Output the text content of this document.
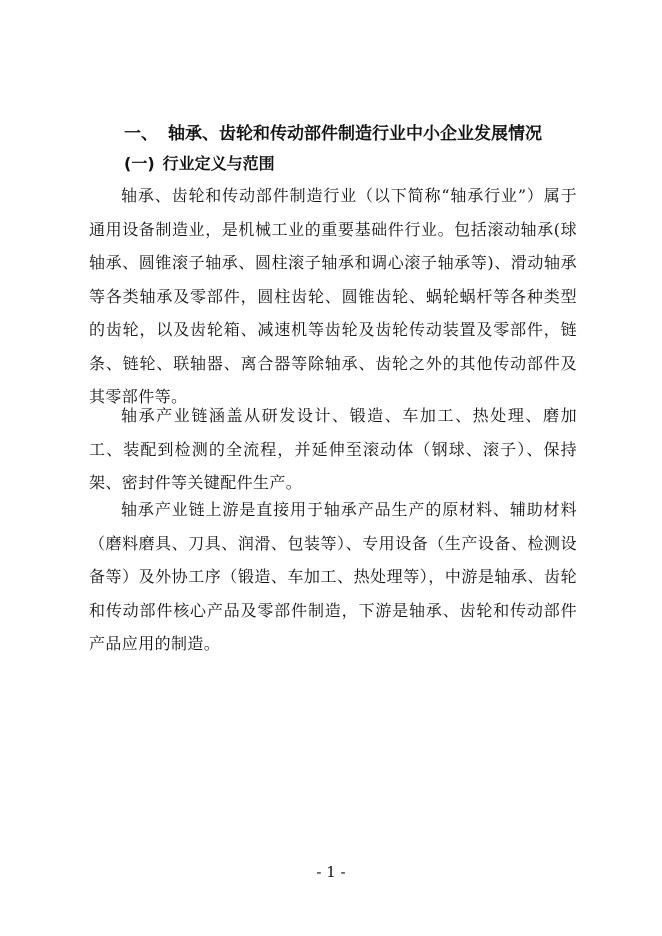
一、 轴承、齿轮和传动部件制造行业中小企业发展情况
(一) 行业定义与范围

轴承、齿轮和传动部件制造行业（以下简称“轴承行业”）属于通用设备制造业，是机械工业的重要基础件行业。包括滚动轴承(球轴承、圆锥滚子轴承、圆柱滚子轴承和调心滚子轴承等)、滑动轴承等各类轴承及零部件，圆柱齿轮、圆锥齿轮、蜗轮蜗杆等各种类型的齿轮，以及齿轮箱、减速机等齿轮及齿轮传动装置及零部件，链条、链轮、联轴器、离合器等除轴承、齿轮之外的其他传动部件及其零部件等。

轴承产业链涵盖从研发设计、锻造、车加工、热处理、磨加工、装配到检测的全流程，并延伸至滚动体（钢球、滚子）、保持架、密封件等关键配件生产。

轴承产业链上游是直接用于轴承产品生产的原材料、辅助材料（磨料磨具、刀具、润滑、包装等）、专用设备（生产设备、检测设备等）及外协工序（锻造、车加工、热处理等），中游是轴承、齿轮和传动部件核心产品及零部件制造，下游是轴承、齿轮和传动部件产品应用的制造。

- 1 -
